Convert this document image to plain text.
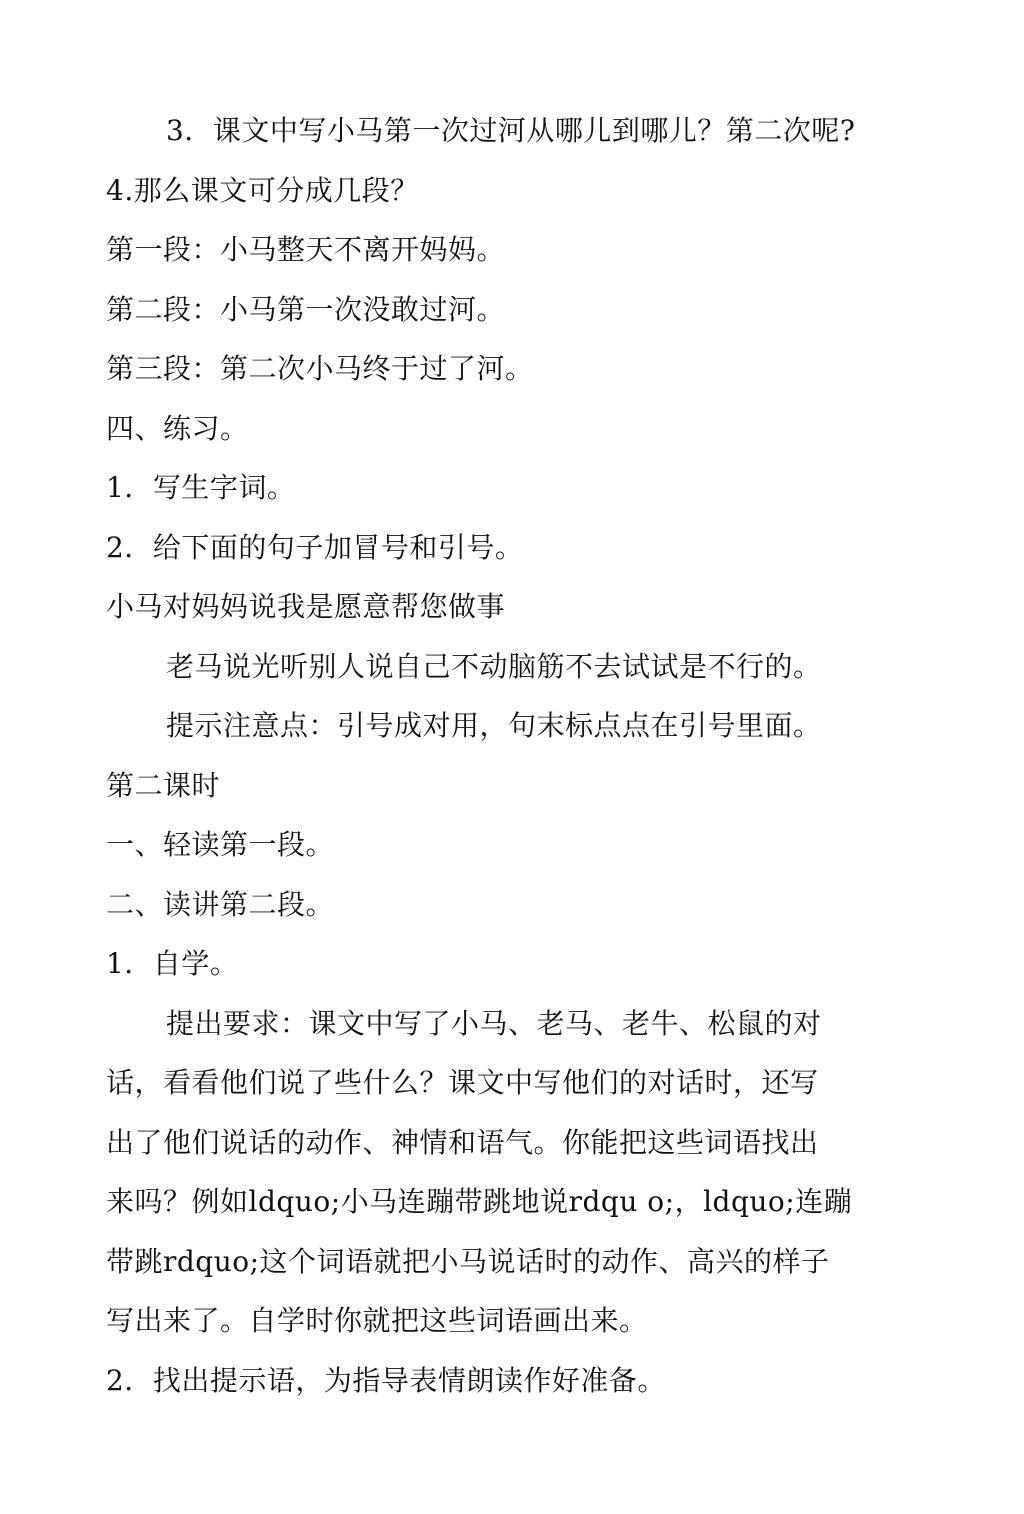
3．课文中写小马第一次过河从哪儿到哪儿？第二次呢?
4.那么课文可分成几段？
第一段：小马整天不离开妈妈。
第二段：小马第一次没敢过河。
第三段：第二次小马终于过了河。
四、练习。
1．写生字词。
2．给下面的句子加冒号和引号。
小马对妈妈说我是愿意帮您做事
老马说光听别人说自己不动脑筋不去试试是不行的。
提示注意点：引号成对用，句末标点点在引号里面。
第二课时
一、轻读第一段。
二、读讲第二段。
1．自学。
提出要求：课文中写了小马、老马、老牛、松鼠的对
话，看看他们说了些什么？课文中写他们的对话时，还写
出了他们说话的动作、神情和语气。你能把这些词语找出
来吗？例如ldquo;小马连蹦带跳地说rdqu o;，ldquo;连蹦
带跳rdquo;这个词语就把小马说话时的动作、高兴的样子
写出来了。自学时你就把这些词语画出来。
2．找出提示语，为指导表情朗读作好准备。
